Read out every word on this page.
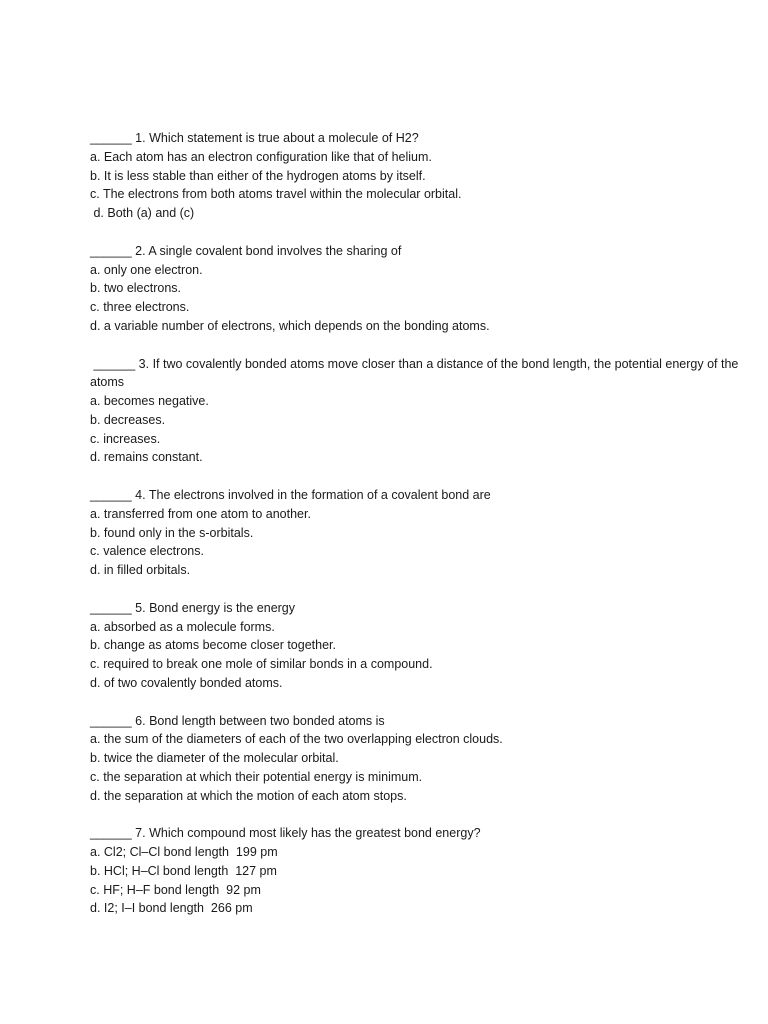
______ 1. Which statement is true about a molecule of H2?
a. Each atom has an electron configuration like that of helium.
b. It is less stable than either of the hydrogen atoms by itself.
c. The electrons from both atoms travel within the molecular orbital.
d. Both (a) and (c)
______ 2. A single covalent bond involves the sharing of
a. only one electron.
b. two electrons.
c. three electrons.
d. a variable number of electrons, which depends on the bonding atoms.
______ 3. If two covalently bonded atoms move closer than a distance of the bond length, the potential energy of the atoms
a. becomes negative.
b. decreases.
c. increases.
d. remains constant.
______ 4. The electrons involved in the formation of a covalent bond are
a. transferred from one atom to another.
b. found only in the s-orbitals.
c. valence electrons.
d. in filled orbitals.
______ 5. Bond energy is the energy
a. absorbed as a molecule forms.
b. change as atoms become closer together.
c. required to break one mole of similar bonds in a compound.
d. of two covalently bonded atoms.
______ 6. Bond length between two bonded atoms is
a. the sum of the diameters of each of the two overlapping electron clouds.
b. twice the diameter of the molecular orbital.
c. the separation at which their potential energy is minimum.
d. the separation at which the motion of each atom stops.
______ 7. Which compound most likely has the greatest bond energy?
a. Cl2; Cl–Cl bond length  199 pm
b. HCl; H–Cl bond length  127 pm
c. HF; H–F bond length  92 pm
d. I2; I–I bond length  266 pm
